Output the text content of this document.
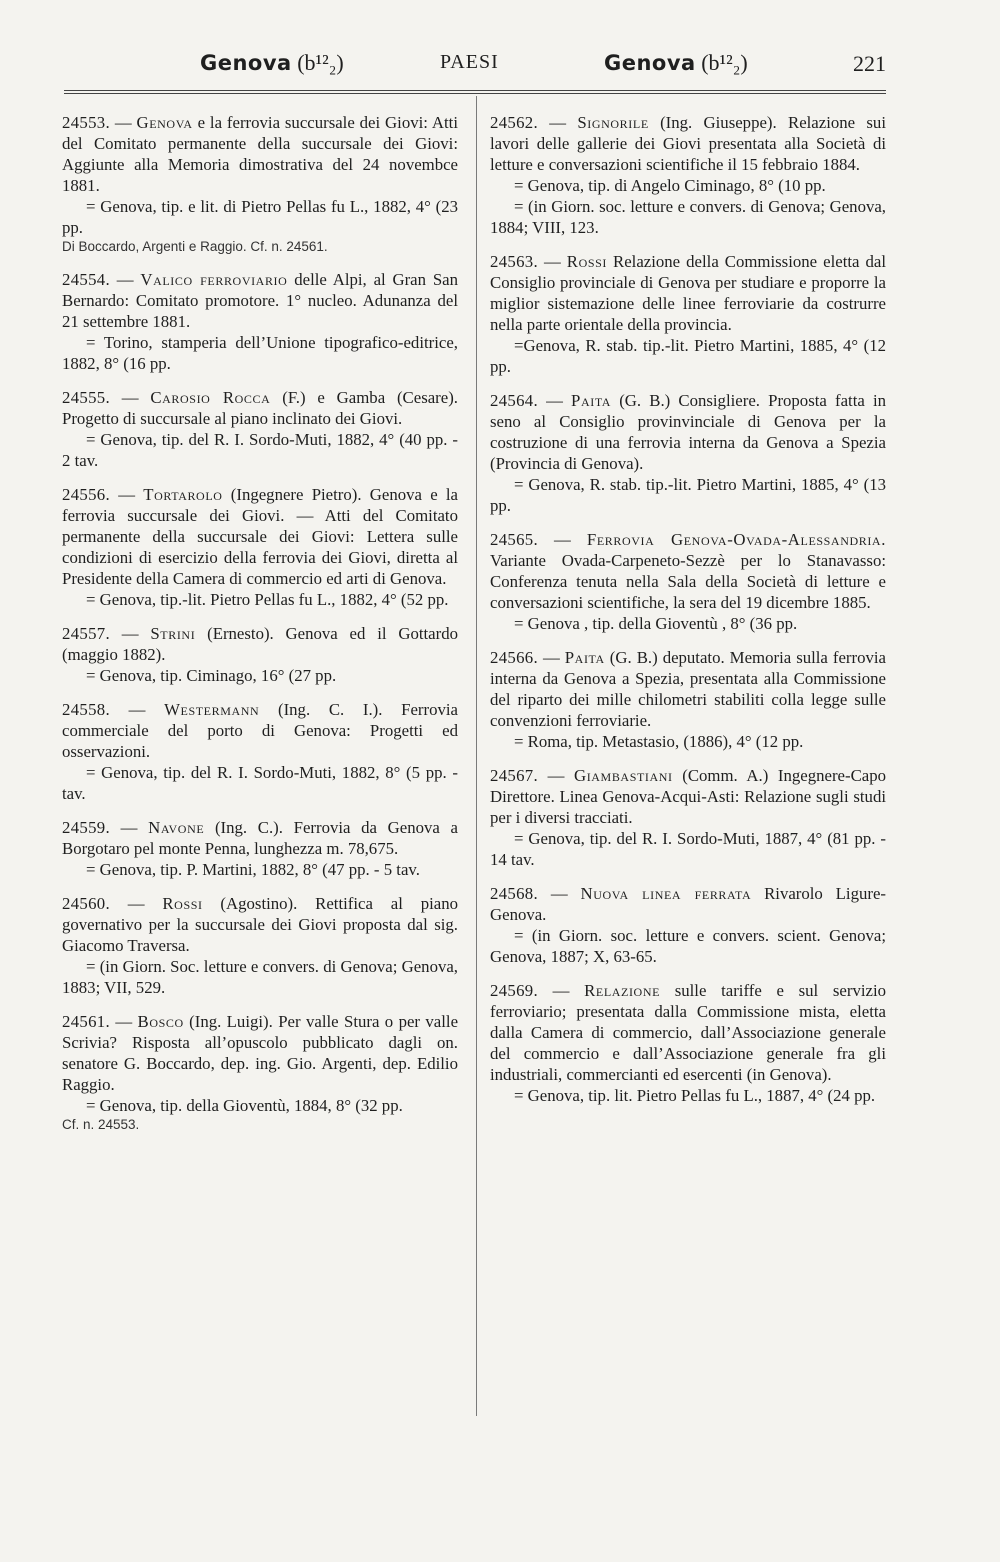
Genova (b¹²₂)	PAESI	Genova (b¹²₂)	221

24553. — Genova e la ferrovia succursale dei Giovi: Atti del Comitato permanente della succursale dei Giovi: Aggiunte alla Memoria dimostrativa del 24 novembce 1881.

= Genova, tip. e lit. di Pietro Pellas fu L., 1882, 4° (23 pp.

Di Boccardo, Argenti e Raggio. Cf. n. 24561.

24554. — Valico ferroviario delle Alpi, al Gran San Bernardo: Comitato promotore. 1° nucleo. Adunanza del 21 settembre 1881.

= Torino, stamperia dell’Unione tipografico-editrice, 1882, 8° (16 pp.

24555. — Carosio Rocca (F.) e Gamba (Cesare). Progetto di succursale al piano inclinato dei Giovi.

= Genova, tip. del R. I. Sordo-Muti, 1882, 4° (40 pp. - 2 tav.

24556. — Tortarolo (Ingegnere Pietro). Genova e la ferrovia succursale dei Giovi. — Atti del Comitato permanente della succursale dei Giovi: Lettera sulle condizioni di esercizio della ferrovia dei Giovi, diretta al Presidente della Camera di commercio ed arti di Genova.

= Genova, tip.-lit. Pietro Pellas fu L., 1882, 4° (52 pp.

24557. — Strini (Ernesto). Genova ed il Gottardo (maggio 1882).

= Genova, tip. Ciminago, 16° (27 pp.

24558. — Westermann (Ing. C. I.). Ferrovia commerciale del porto di Genova: Progetti ed osservazioni.

= Genova, tip. del R. I. Sordo-Muti, 1882, 8° (5 pp. - tav.

24559. — Navone (Ing. C.). Ferrovia da Genova a Borgotaro pel monte Penna, lunghezza m. 78,675.

= Genova, tip. P. Martini, 1882, 8° (47 pp. - 5 tav.

24560. — Rossi (Agostino). Rettifica al piano governativo per la succursale dei Giovi proposta dal sig. Giacomo Traversa.

= (in Giorn. Soc. letture e convers. di Genova; Genova, 1883; VII, 529.

24561. — Bosco (Ing. Luigi). Per valle Stura o per valle Scrivia? Risposta all’opuscolo pubblicato dagli on. senatore G. Boccardo, dep. ing. Gio. Argenti, dep. Edilio Raggio.

= Genova, tip. della Gioventù, 1884, 8° (32 pp.

Cf. n. 24553.

24562. — Signorile (Ing. Giuseppe). Relazione sui lavori delle gallerie dei Giovi presentata alla Società di letture e conversazioni scientifiche il 15 febbraio 1884.

= Genova, tip. di Angelo Ciminago, 8° (10 pp.

= (in Giorn. soc. letture e convers. di Genova; Genova, 1884; VIII, 123.

24563. — Rossi Relazione della Commissione eletta dal Consiglio provinciale di Genova per studiare e proporre la miglior sistemazione delle linee ferroviarie da costrurre nella parte orientale della provincia.

=Genova, R. stab. tip.-lit. Pietro Martini, 1885, 4° (12 pp.

24564. — Paita (G. B.) Consigliere. Proposta fatta in seno al Consiglio provinvinciale di Genova per la costruzione di una ferrovia interna da Genova a Spezia (Provincia di Genova).

= Genova, R. stab. tip.-lit. Pietro Martini, 1885, 4° (13 pp.

24565. — Ferrovia Genova-Ovada-Alessandria. Variante Ovada-Carpeneto-Sezzè per lo Stanavasso: Conferenza tenuta nella Sala della Società di letture e conversazioni scientifiche, la sera del 19 dicembre 1885.

= Genova , tip. della Gioventù , 8° (36 pp.

24566. — Paita (G. B.) deputato. Memoria sulla ferrovia interna da Genova a Spezia, presentata alla Commissione del riparto dei mille chilometri stabiliti colla legge sulle convenzioni ferroviarie.

= Roma, tip. Metastasio, (1886), 4° (12 pp.

24567. — Giambastiani (Comm. A.) Ingegnere-Capo Direttore. Linea Genova-Acqui-Asti: Relazione sugli studi per i diversi tracciati.

= Genova, tip. del R. I. Sordo-Muti, 1887, 4° (81 pp. - 14 tav.

24568. — Nuova linea ferrata Rivarolo Ligure-Genova.

= (in Giorn. soc. letture e convers. scient. Genova; Genova, 1887; X, 63-65.

24569. — Relazione sulle tariffe e sul servizio ferroviario; presentata dalla Commissione mista, eletta dalla Camera di commercio, dall’Associazione generale del commercio e dall’Associazione generale fra gli industriali, commercianti ed esercenti (in Genova).

= Genova, tip. lit. Pietro Pellas fu L., 1887, 4° (24 pp.
